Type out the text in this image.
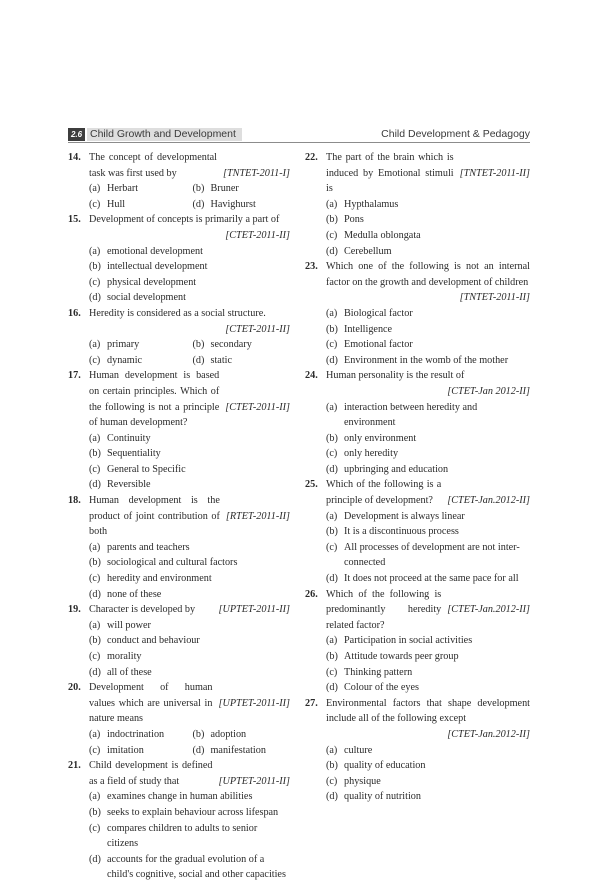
2.6 Child Growth and Development	Child Development & Pedagogy
14.
[TNTET-2011-I]
The concept of developmental task was first used by
(a) Herbart	(b) Bruner
(c) Hull	(d) Havighurst
15. Development of concepts is primarily a part of
[CTET-2011-II]
(a) emotional development
(b) intellectual development
(c) physical development
(d) social development
16. Heredity is considered as a social structure.
[CTET-2011-II]
(a) primary	(b) secondary
(c) dynamic	(d) static
17.
[CTET-2011-II]
Human development is based on certain principles. Which of the following is not a principle of human development?
(a) Continuity
(b) Sequentiality
(c) General to Specific
(d) Reversible
18.
[RTET-2011-II]
Human development is the product of joint contribution of both
(a) parents and teachers
(b) sociological and cultural factors
(c) heredity and environment
(d) none of these
19.	[UPTET-2011-II]
Character is developed by
(a) will power
(b) conduct and behaviour
(c) morality
(d) all of these
20.
[UPTET-2011-II]
Development of human values which are universal in nature means
(a) indoctrination	(b) adoption
(c) imitation	(d) manifestation
21.
[UPTET-2011-II]
Child development is defined as a field of study that
(a) examines change in human abilities
(b) seeks to explain behaviour across lifespan
(c) compares children to adults to senior citizens
(d) accounts for the gradual evolution of a child's cognitive, social and other capacities
22.
[TNTET-2011-II]
The part of the brain which is induced by Emotional stimuli is
(a) Hypthalamus
(b) Pons
(c) Medulla oblongata
(d) Cerebellum
23. Which one of the following is not an internal factor on the growth and development of children
[TNTET-2011-II]
(a) Biological factor
(b) Intelligence
(c) Emotional factor
(d) Environment in the womb of the mother
24. Human personality is the result of
[CTET-Jan 2012-II]
(a) interaction between heredity and environment
(b) only environment
(c) only heredity
(d) upbringing and education
25.
[CTET-Jan.2012-II]
Which of the following is a principle of development?
(a) Development is always linear
(b) It is a discontinuous process
(c) All processes of development are not inter-connected
(d) It does not proceed at the same pace for all
26.
[CTET-Jan.2012-II]
Which of the following is predominantly heredity related factor?
(a) Participation in social activities
(b) Attitude towards peer group
(c) Thinking pattern
(d) Colour of the eyes
27. Environmental factors that shape development include all of the following except
[CTET-Jan.2012-II]
(a) culture
(b) quality of education
(c) physique
(d) quality of nutrition
